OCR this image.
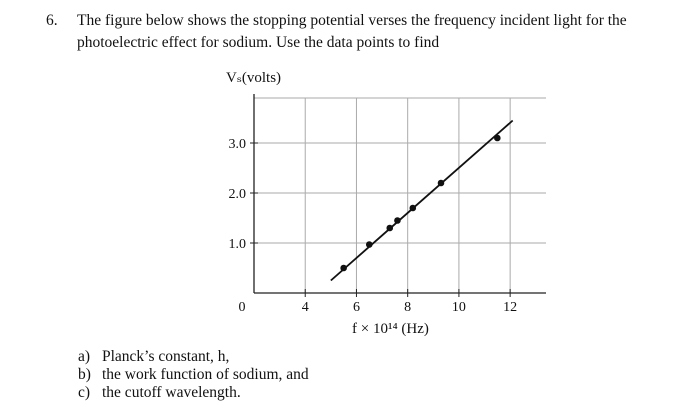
6. The figure below shows the stopping potential verses the frequency incident light for the
photoelectric effect for sodium. Use the data points to find
Vₛ(volts)
f × 10¹⁴ (Hz)
1.0
2.0
3.0
4	6	8	10	12
0
a) Planck’s constant, h,
b) the work function of sodium, and
c) the cutoff wavelength.
